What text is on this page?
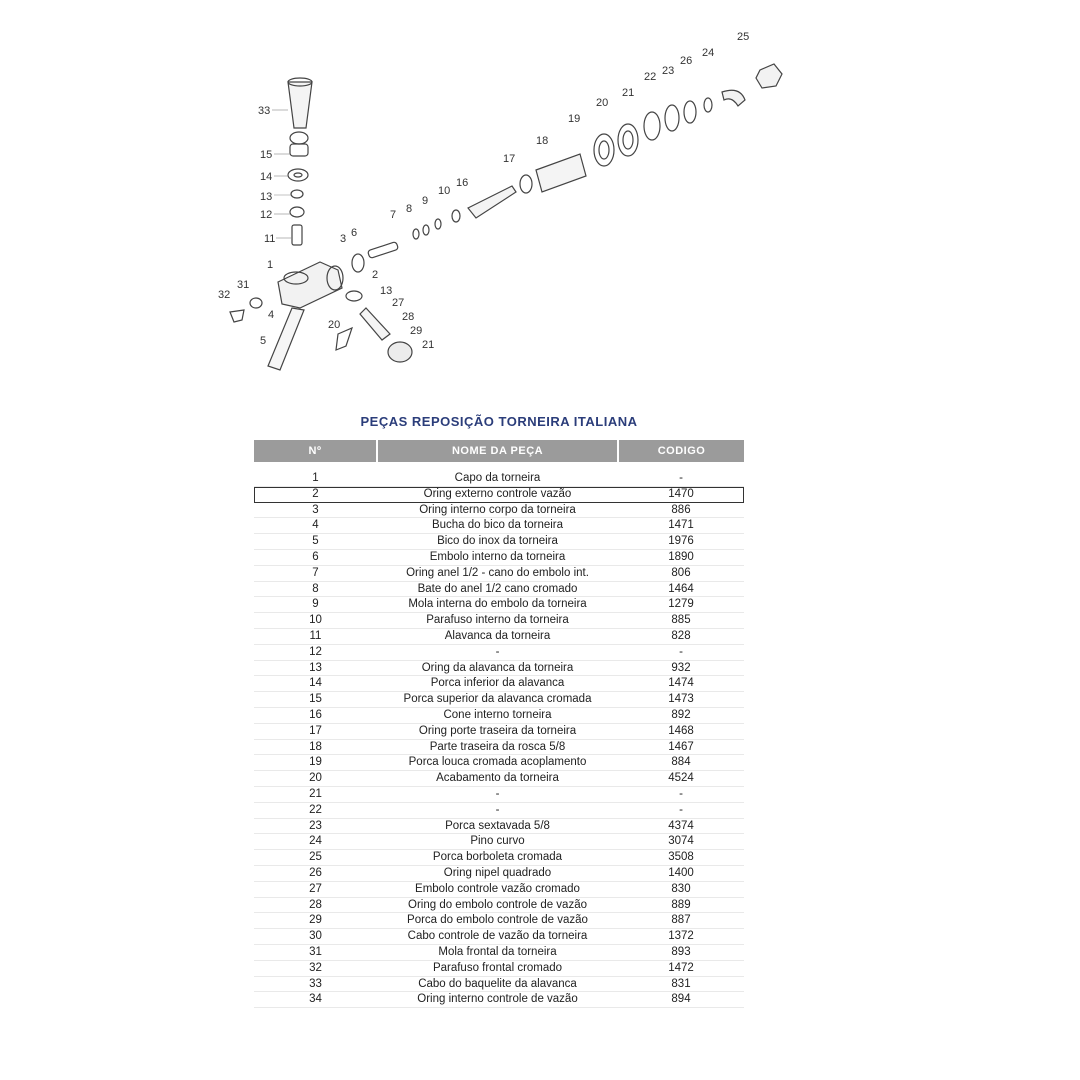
33
15
14
13
12
11
1
31
32
4
5
3 6
2
13
27
28
29
21
20
7 8
9
10
16
17
18
19
20
21
22 23
26
24
25
PEÇAS REPOSIÇÃO TORNEIRA ITALIANA
Nº	NOME DA PEÇA	CODIGO
1	Capo da torneira	-
2	Oring externo controle vazão	1470
3	Oring interno corpo da torneira	886
4	Bucha do bico da torneira	1471
5	Bico do inox da torneira	1976
6	Embolo interno da torneira	1890
7	Oring anel 1/2 - cano do embolo int.	806
8	Bate do anel 1/2 cano cromado	1464
9	Mola interna do embolo da torneira	1279
10	Parafuso interno da torneira	885
11	Alavanca da torneira	828
12	-	-
13	Oring da alavanca da torneira	932
14	Porca inferior da alavanca	1474
15	Porca superior da alavanca cromada	1473
16	Cone interno torneira	892
17	Oring porte traseira da torneira	1468
18	Parte traseira da rosca 5/8	1467
19	Porca louca cromada acoplamento	884
20	Acabamento da torneira	4524
21	-	-
22	-	-
23	Porca sextavada 5/8	4374
24	Pino curvo	3074
25	Porca borboleta cromada	3508
26	Oring nipel quadrado	1400
27	Embolo controle vazão cromado	830
28	Oring do embolo controle de vazão	889
29	Porca do embolo controle de vazão	887
30	Cabo controle de vazão da torneira	1372
31	Mola frontal da torneira	893
32	Parafuso frontal cromado	1472
33	Cabo do baquelite da alavanca	831
34	Oring interno controle de vazão	894
